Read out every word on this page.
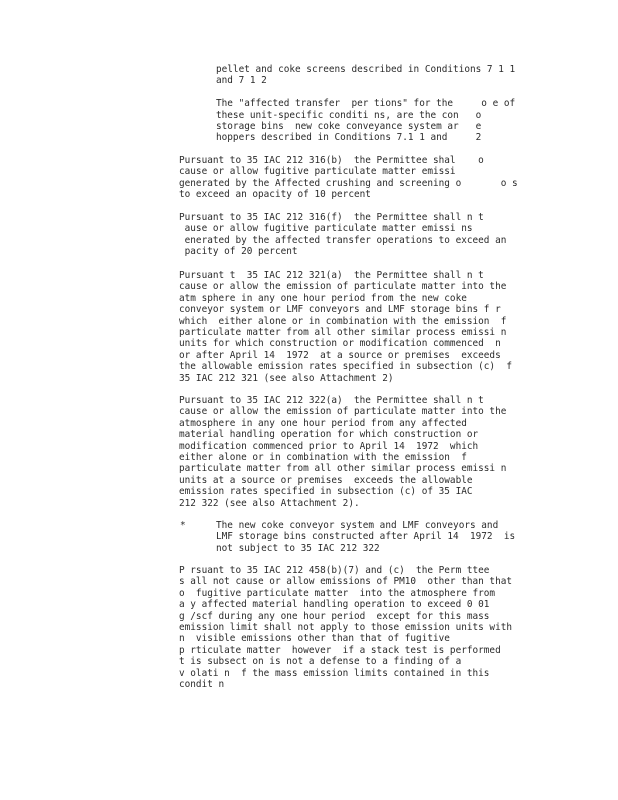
pellet and coke screens described in Conditions 7 1 1
and 7 1 2

The "affected transfer  per tions" for the     o e of
these unit-specific conditi ns, are the con   o
storage bins  new coke conveyance system ar   e
hoppers described in Conditions 7.1 1 and     2
Pursuant to 35 IAC 212 316(b)  the Permittee shal    o
cause or allow fugitive particulate matter emissi
generated by the Affected crushing and screening o       o s
to exceed an opacity of 10 percent
Pursuant to 35 IAC 212 316(f)  the Permittee shall n t
ause or allow fugitive particulate matter emissi ns
enerated by the affected transfer operations to exceed an
pacity of 20 percent
Pursuant t  35 IAC 212 321(a)  the Permittee shall n t
cause or allow the emission of particulate matter into the
atm sphere in any one hour period from the new coke
conveyor system or LMF conveyors and LMF storage bins f r
which  either alone or in combination with the emission  f
particulate matter from all other similar process emissi n
units for which construction or modification commenced  n
or after April 14  1972  at a source or premises  exceeds
the allowable emission rates specified in subsection (c)  f
35 IAC 212 321 (see also Attachment 2)
Pursuant to 35 IAC 212 322(a)  the Permittee shall n t
cause or allow the emission of particulate matter into the
atmosphere in any one hour period from any affected
material handling operation for which construction or
modification commenced prior to April 14  1972  which
either alone or in combination with the emission  f
particulate matter from all other similar process emissi n
units at a source or premises  exceeds the allowable
emission rates specified in subsection (c) of 35 IAC
212 322 (see also Attachment 2).
*	The new coke conveyor system and LMF conveyors and
LMF storage bins constructed after April 14  1972  is
not subject to 35 IAC 212 322
P rsuant to 35 IAC 212 458(b)(7) and (c)  the Perm ttee
s all not cause or allow emissions of PM10  other than that
o  fugitive particulate matter  into the atmosphere from
a y affected material handling operation to exceed 0 01
g /scf during any one hour period  except for this mass
emission limit shall not apply to those emission units with
n  visible emissions other than that of fugitive
p rticulate matter  however  if a stack test is performed
t is subsect on is not a defense to a finding of a
v olati n  f the mass emission limits contained in this
condit n
